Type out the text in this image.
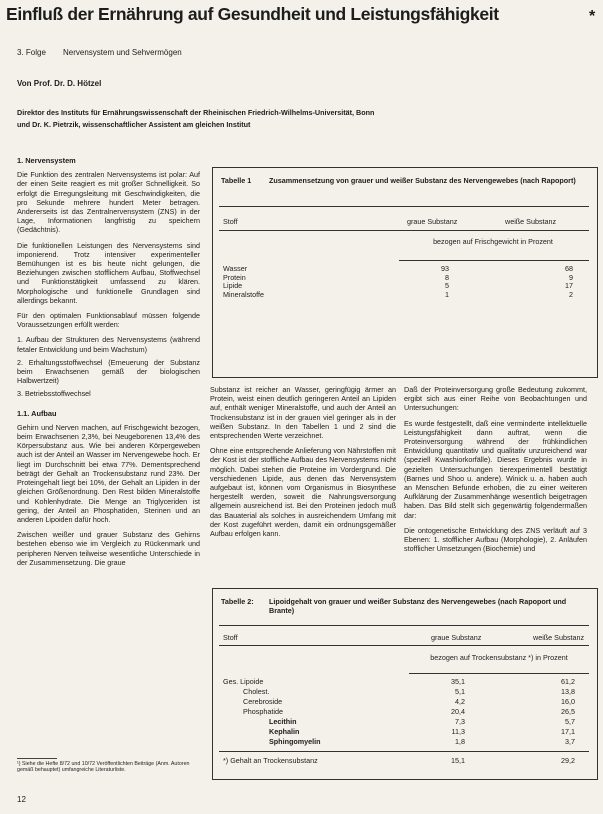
Einfluß der Ernährung auf Gesundheit und Leistungsfähigkeit	*
3. Folge Nervensystem und Sehvermögen
Von Prof. Dr. D. Hötzel
Direktor des Instituts für Ernährungswissenschaft der Rheinischen Friedrich-Wilhelms-Universität, Bonn
und Dr. K. Pietrzik, wissenschaftlicher Assistent am gleichen Institut
1. Nervensystem

Die Funktion des zentralen Nervensystems ist polar: Auf der einen Seite reagiert es mit großer Schnelligkeit. So erfolgt die Erregungsleitung mit Geschwindigkeiten, die pro Sekunde mehrere hundert Meter betragen. Andererseits ist das Zentralnervensystem (ZNS) in der Lage, Informationen langfristig zu speichern (Gedächtnis).

Die funktionellen Leistungen des Nervensystems sind imponierend. Trotz intensiver experimenteller Bemühungen ist es bis heute nicht gelungen, die Beziehungen zwischen stofflichem Aufbau, Stoffwechsel und Funktionstätigkeit umfassend zu klären. Morphologische und funktionelle Grundlagen sind allerdings bekannt.

Für den optimalen Funktionsablauf müssen folgende Voraussetzungen erfüllt werden:

1. Aufbau der Strukturen des Nervensystems (während fetaler Entwicklung und beim Wachstum)
2. Erhaltungsstoffwechsel (Erneuerung der Substanz beim Erwachsenen gemäß der biologischen Halbwertzeit)
3. Betriebsstoffwechsel
1.1. Aufbau

Gehirn und Nerven machen, auf Frischgewicht bezogen, beim Erwachsenen 2,3%, bei Neugeborenen 13,4% des Körpersubstanz aus. Wie bei anderen Körpergeweben auch ist der Anteil an Wasser im Nervengewebe hoch. Er liegt im Durchschnitt bei etwa 77%. Dementsprechend beträgt der Gehalt an Trockensubstanz rund 23%. Der Proteingehalt liegt bei 10%, der Gehalt an Lipiden in der gleichen Größenordnung. Den Rest bilden Mineralstoffe und Kohlenhydrate. Die Menge an Triglyceriden ist gering, der Anteil an Phosphatiden, Sterinen und an anderen Lipoiden dafür hoch.

Zwischen weißer und grauer Substanz des Gehirns bestehen ebenso wie im Vergleich zu Rückenmark und peripheren Nerven teilweise wesentliche Unterschiede in der Zusammensetzung. Die graue

¹) Siehe die Hefte 8/72 und 10/72 Veröffentlichten Beiträge (Anm. Autoren gemäß behauptet) umfangreiche Literaturliste.
12
Tabelle 1	Zusammensetzung von grauer und weißer Substanz des Nervengewebes (nach Rapoport)
Stoff	graue Substanz	weiße Substanz
bezogen auf Frischgewicht in Prozent
Wasser	93	68
Protein	8	9
Lipide	5	17
Mineralstoffe	1	2

Substanz ist reicher an Wasser, geringfügig ärmer an Protein, weist einen deutlich geringeren Anteil an Lipiden auf, enthält weniger Mineralstoffe, und auch der Anteil an Trockensubstanz ist in der grauen viel geringer als in der weißen Substanz. In den Tabellen 1 und 2 sind die entsprechenden Werte verzeichnet.

Ohne eine entsprechende Anlieferung von Nährstoffen mit der Kost ist der stoffliche Aufbau des Nervensystems nicht möglich. Dabei stehen die Proteine im Vordergrund. Die verschiedenen Lipide, aus denen das Nervensystem aufgebaut ist, können vom Organismus in Biosynthese hergestellt werden, soweit die Nahrungsversorgung allgemein ausreichend ist. Bei den Proteinen jedoch muß das Bauaterial als solches in ausreichendem Umfang mit der Kost zugeführt werden, damit ein ordnungsgemäßer Aufbau erfolgen kann.

Daß der Proteinversorgung große Bedeutung zukommt, ergibt sich aus einer Reihe von Beobachtungen und Untersuchungen:

Es wurde festgestellt, daß eine verminderte intellektuelle Leistungsfähigkeit dann auftrat, wenn die Proteinversorgung während der frühkindlichen Entwicklung quantitativ und qualitativ unzureichend war (speziell Kwashiorkorfälle). Dieses Ergebnis wurde in gezielten Untersuchungen tierexperimentell bestätigt (Barnes und Shoo u. andere). Winick u. a. haben auch an Menschen Befunde erhoben, die zu einer weiteren Aufklärung der Zusammenhänge wesentlich beigetragen haben. Das Bild stellt sich gegenwärtig folgendermaßen dar:

Die ontogenetische Entwicklung des ZNS verläuft auf 3 Ebenen: 1. stofflicher Aufbau (Morphologie), 2. Anläufen stofflicher Umsetzungen (Biochemie) und

Tabelle 2:	Lipoidgehalt von grauer und weißer Substanz des Nervengewebes (nach Rapoport und Brante)
Stoff	graue Substanz	weiße Substanz
bezogen auf Trockensubstanz *) in Prozent
Ges. Lipoide	35,1	61,2
Cholest.	5,1	13,8
Cerebroside	4,2	16,0
Phosphatide	20,4	26,5
Lecithin	7,3	5,7
Kephalin	11,3	17,1
Sphingomyelin	1,8	3,7
*) Gehalt an Trockensubstanz	15,1	29,2
